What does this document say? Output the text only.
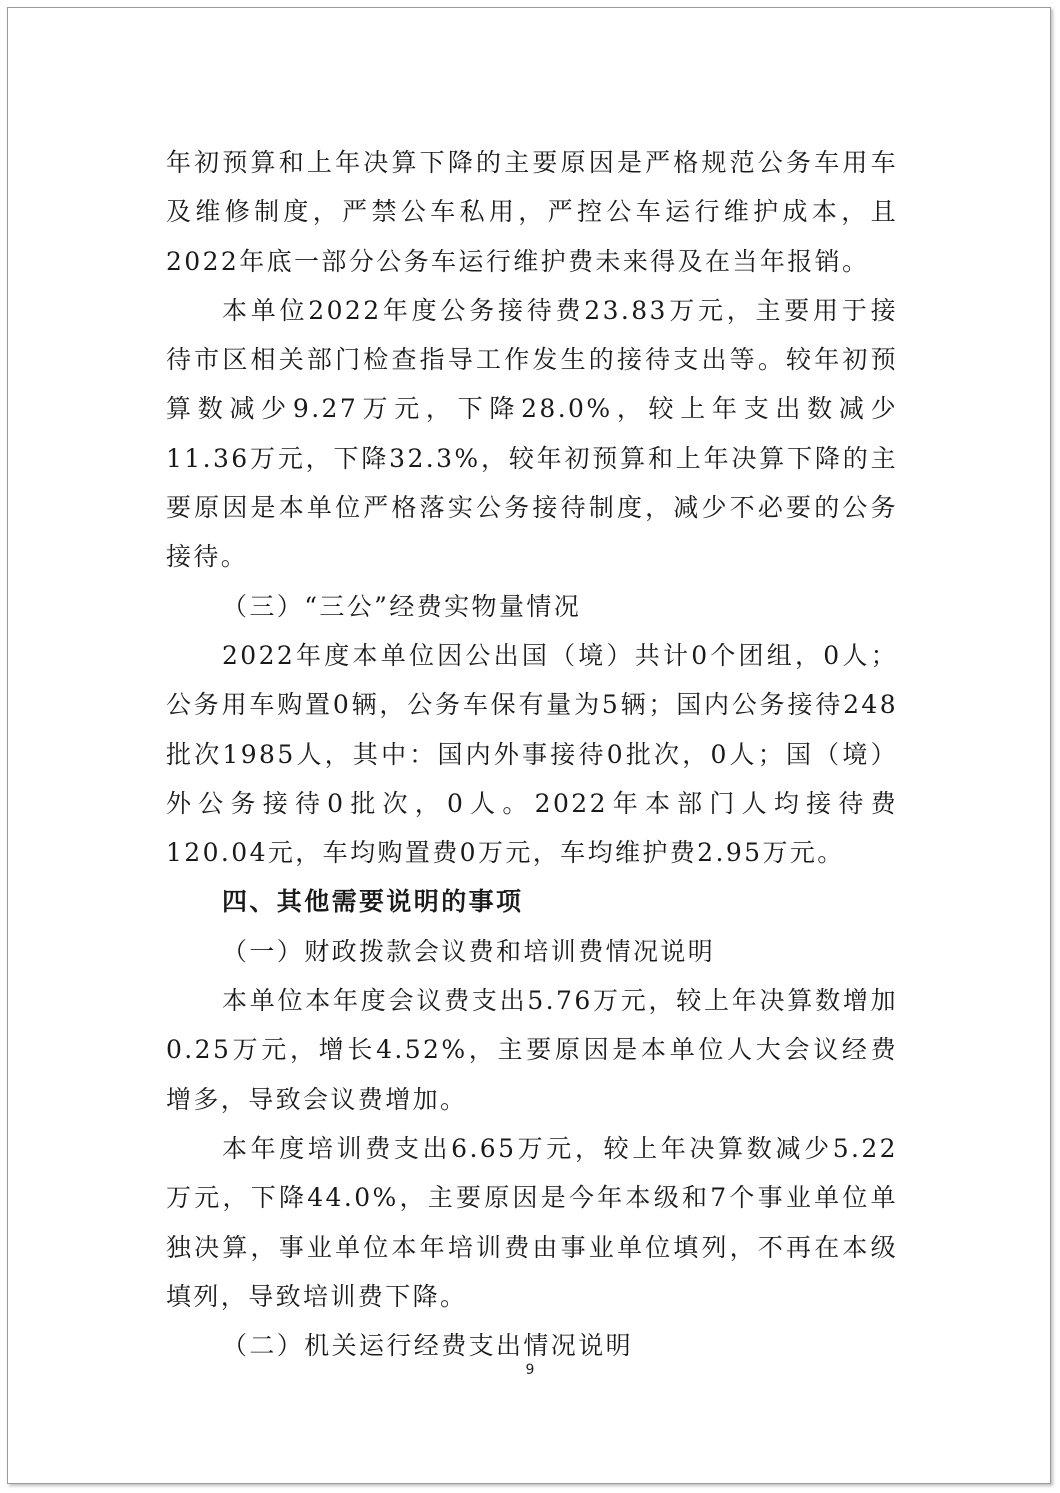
年初预算和上年决算下降的主要原因是严格规范公务车用车及维修制度，严禁公车私用，严控公车运行维护成本，且2022年底一部分公务车运行维护费未来得及在当年报销。

本单位2022年度公务接待费23.83万元，主要用于接待市区相关部门检查指导工作发生的接待支出等。较年初预算数减少9.27万元，下降28.0%，较上年支出数减少11.36万元，下降32.3%，较年初预算和上年决算下降的主要原因是本单位严格落实公务接待制度，减少不必要的公务接待。

（三）“三公”经费实物量情况

2022年度本单位因公出国（境）共计0个团组，0人；公务用车购置0辆，公务车保有量为5辆；国内公务接待248批次1985人，其中：国内外事接待0批次，0人；国（境）外公务接待0批次，0人。2022年本部门人均接待费120.04元，车均购置费0万元，车均维护费2.95万元。

四、其他需要说明的事项

（一）财政拨款会议费和培训费情况说明

本单位本年度会议费支出5.76万元，较上年决算数增加0.25万元，增长4.52%，主要原因是本单位人大会议经费增多，导致会议费增加。

本年度培训费支出6.65万元，较上年决算数减少5.22万元，下降44.0%，主要原因是今年本级和7个事业单位单独决算，事业单位本年培训费由事业单位填列，不再在本级填列，导致培训费下降。

（二）机关运行经费支出情况说明

9
